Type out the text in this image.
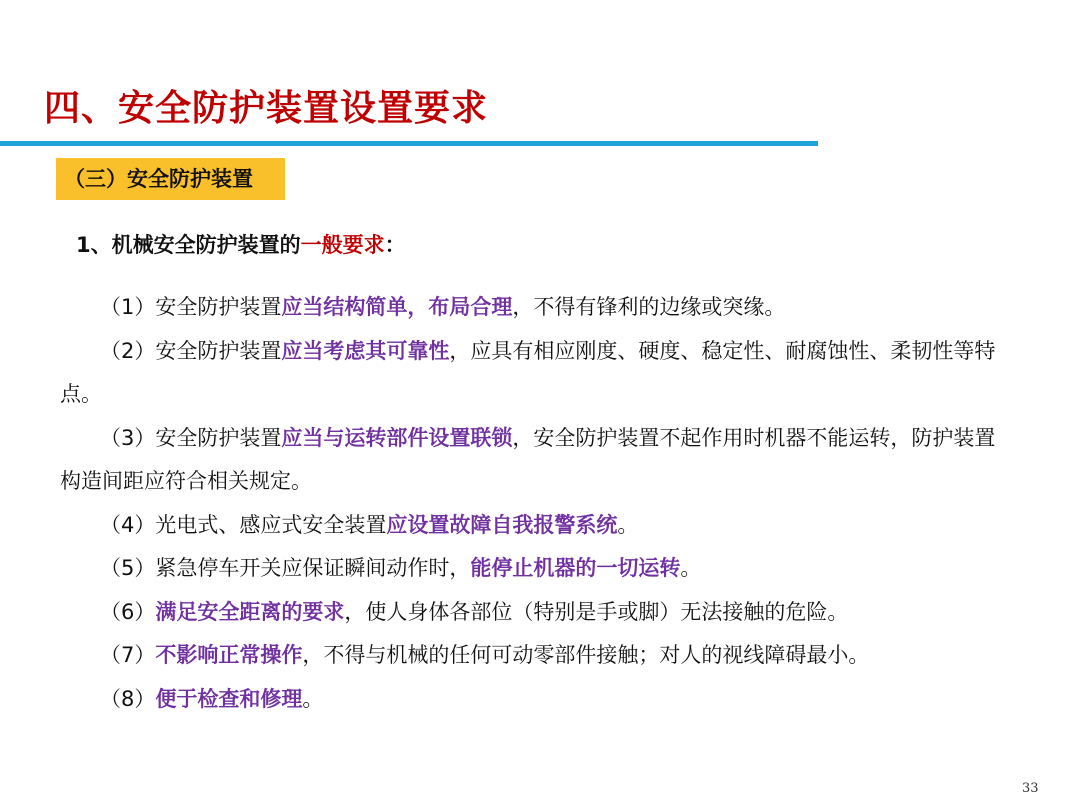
四、安全防护装置设置要求
（三）安全防护装置
1、机械安全防护装置的一般要求：
（1）安全防护装置应当结构简单，布局合理，不得有锋利的边缘或突缘。
（2）安全防护装置应当考虑其可靠性，应具有相应刚度、硬度、稳定性、耐腐蚀性、柔韧性等特点。
（3）安全防护装置应当与运转部件设置联锁，安全防护装置不起作用时机器不能运转，防护装置构造间距应符合相关规定。
（4）光电式、感应式安全装置应设置故障自我报警系统。
（5）紧急停车开关应保证瞬间动作时，能停止机器的一切运转。
（6）满足安全距离的要求，使人身体各部位（特别是手或脚）无法接触的危险。
（7）不影响正常操作，不得与机械的任何可动零部件接触；对人的视线障碍最小。
（8）便于检查和修理。
33
